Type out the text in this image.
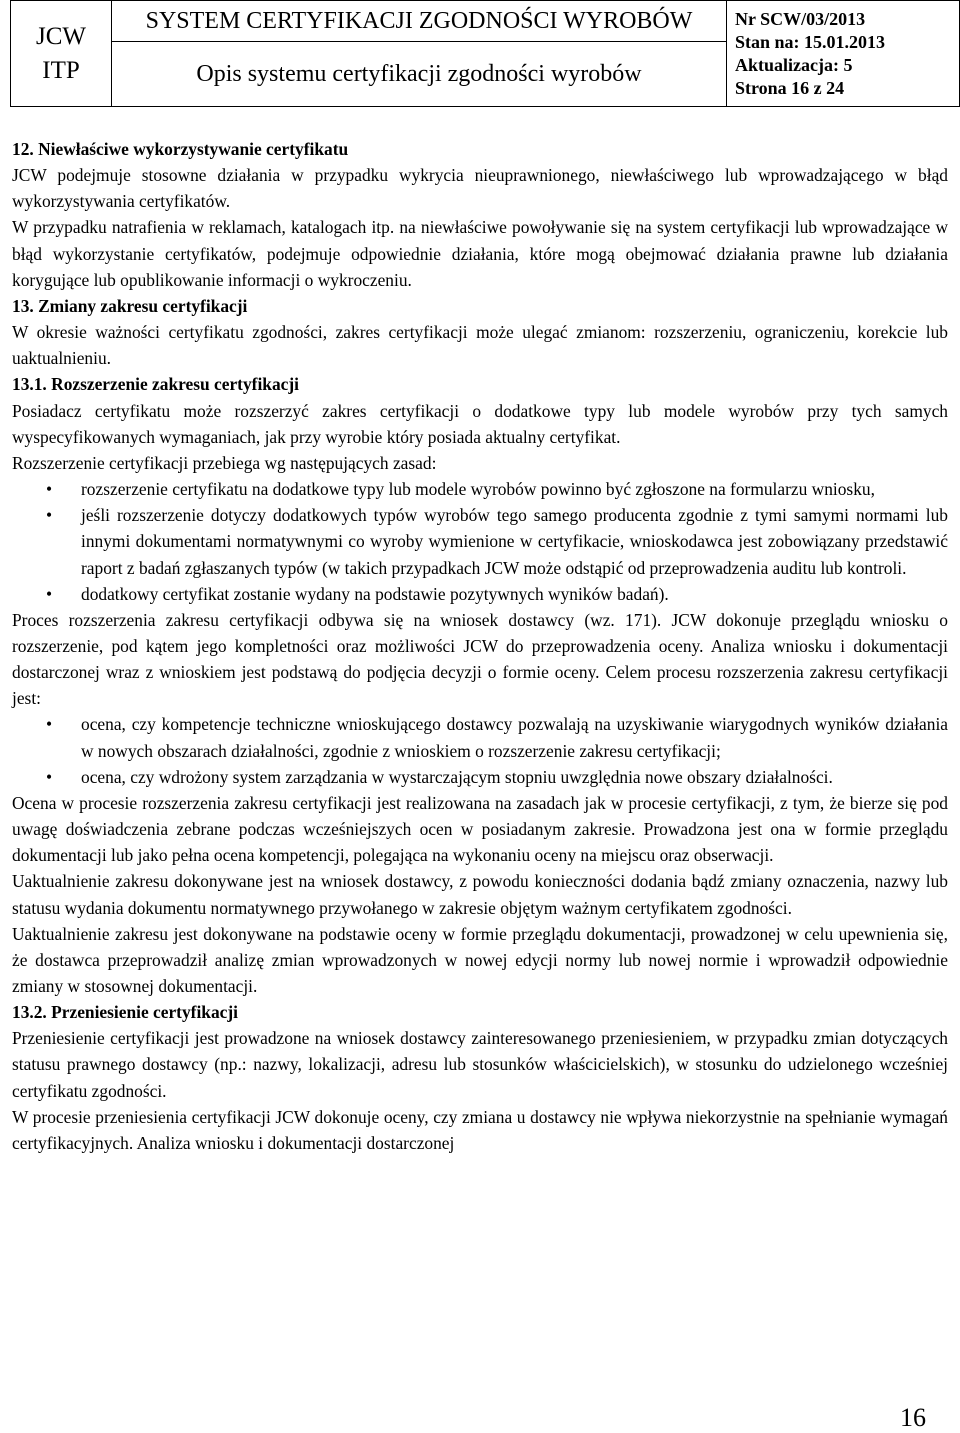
JCW
ITP

SYSTEM CERTYFIKACJI ZGODNOŚCI WYROBÓW
Opis systemu certyfikacji zgodności wyrobów

Nr SCW/03/2013
Stan na: 15.01.2013
Aktualizacja: 5
Strona 16 z 24

12. Niewłaściwe wykorzystywanie certyfikatu

JCW podejmuje stosowne działania w przypadku wykrycia nieuprawnionego, niewłaściwego lub wprowadzającego w błąd wykorzystywania certyfikatów.

W przypadku natrafienia w reklamach, katalogach itp. na niewłaściwe powoływanie się na system certyfikacji lub wprowadzające w błąd wykorzystanie certyfikatów, podejmuje odpowiednie działania, które mogą obejmować działania prawne lub działania korygujące lub opublikowanie informacji o wykroczeniu.

13. Zmiany zakresu certyfikacji

W okresie ważności certyfikatu zgodności, zakres certyfikacji może ulegać zmianom: rozszerzeniu, ograniczeniu, korekcie lub uaktualnieniu.

13.1. Rozszerzenie zakresu certyfikacji

Posiadacz certyfikatu może rozszerzyć zakres certyfikacji o dodatkowe typy lub modele wyrobów przy tych samych wyspecyfikowanych wymaganiach, jak przy wyrobie który posiada aktualny certyfikat.

Rozszerzenie certyfikacji przebiega wg następujących zasad:

• rozszerzenie certyfikatu na dodatkowe typy lub modele wyrobów powinno być zgłoszone na formularzu wniosku,
• jeśli rozszerzenie dotyczy dodatkowych typów wyrobów tego samego producenta zgodnie z tymi samymi normami lub innymi dokumentami normatywnymi co wyroby wymienione w certyfikacie, wnioskodawca jest zobowiązany przedstawić raport z badań zgłaszanych typów (w takich przypadkach JCW może odstąpić od przeprowadzenia auditu lub kontroli.
• dodatkowy certyfikat zostanie wydany na podstawie pozytywnych wyników badań).

Proces rozszerzenia zakresu certyfikacji odbywa się na wniosek dostawcy (wz. 171). JCW dokonuje przeglądu wniosku o rozszerzenie, pod kątem jego kompletności oraz możliwości JCW do przeprowadzenia oceny. Analiza wniosku i dokumentacji dostarczonej wraz z wnioskiem jest podstawą do podjęcia decyzji o formie oceny. Celem procesu rozszerzenia zakresu certyfikacji jest:

• ocena, czy kompetencje techniczne wnioskującego dostawcy pozwalają na uzyskiwanie wiarygodnych wyników działania w nowych obszarach działalności, zgodnie z wnioskiem o rozszerzenie zakresu certyfikacji;
• ocena, czy wdrożony system zarządzania w wystarczającym stopniu uwzględnia nowe obszary działalności.

Ocena w procesie rozszerzenia zakresu certyfikacji jest realizowana na zasadach jak w procesie certyfikacji, z tym, że bierze się pod uwagę doświadczenia zebrane podczas wcześniejszych ocen w posiadanym zakresie. Prowadzona jest ona w formie przeglądu dokumentacji lub jako pełna ocena kompetencji, polegająca na wykonaniu oceny na miejscu oraz obserwacji.

Uaktualnienie zakresu dokonywane jest na wniosek dostawcy, z powodu konieczności dodania bądź zmiany oznaczenia, nazwy lub statusu wydania dokumentu normatywnego przywołanego w zakresie objętym ważnym certyfikatem zgodności.

Uaktualnienie zakresu jest dokonywane na podstawie oceny w formie przeglądu dokumentacji, prowadzonej w celu upewnienia się, że dostawca przeprowadził analizę zmian wprowadzonych w nowej edycji normy lub nowej normie i wprowadził odpowiednie zmiany w stosownej dokumentacji.

13.2. Przeniesienie certyfikacji

Przeniesienie certyfikacji jest prowadzone na wniosek dostawcy zainteresowanego przeniesieniem, w przypadku zmian dotyczących statusu prawnego dostawcy (np.: nazwy, lokalizacji, adresu lub stosunków właścicielskich), w stosunku do udzielonego wcześniej certyfikatu zgodności.

W procesie przeniesienia certyfikacji JCW dokonuje oceny, czy zmiana u dostawcy nie wpływa niekorzystnie na spełnianie wymagań certyfikacyjnych. Analiza wniosku i dokumentacji dostarczonej

16
